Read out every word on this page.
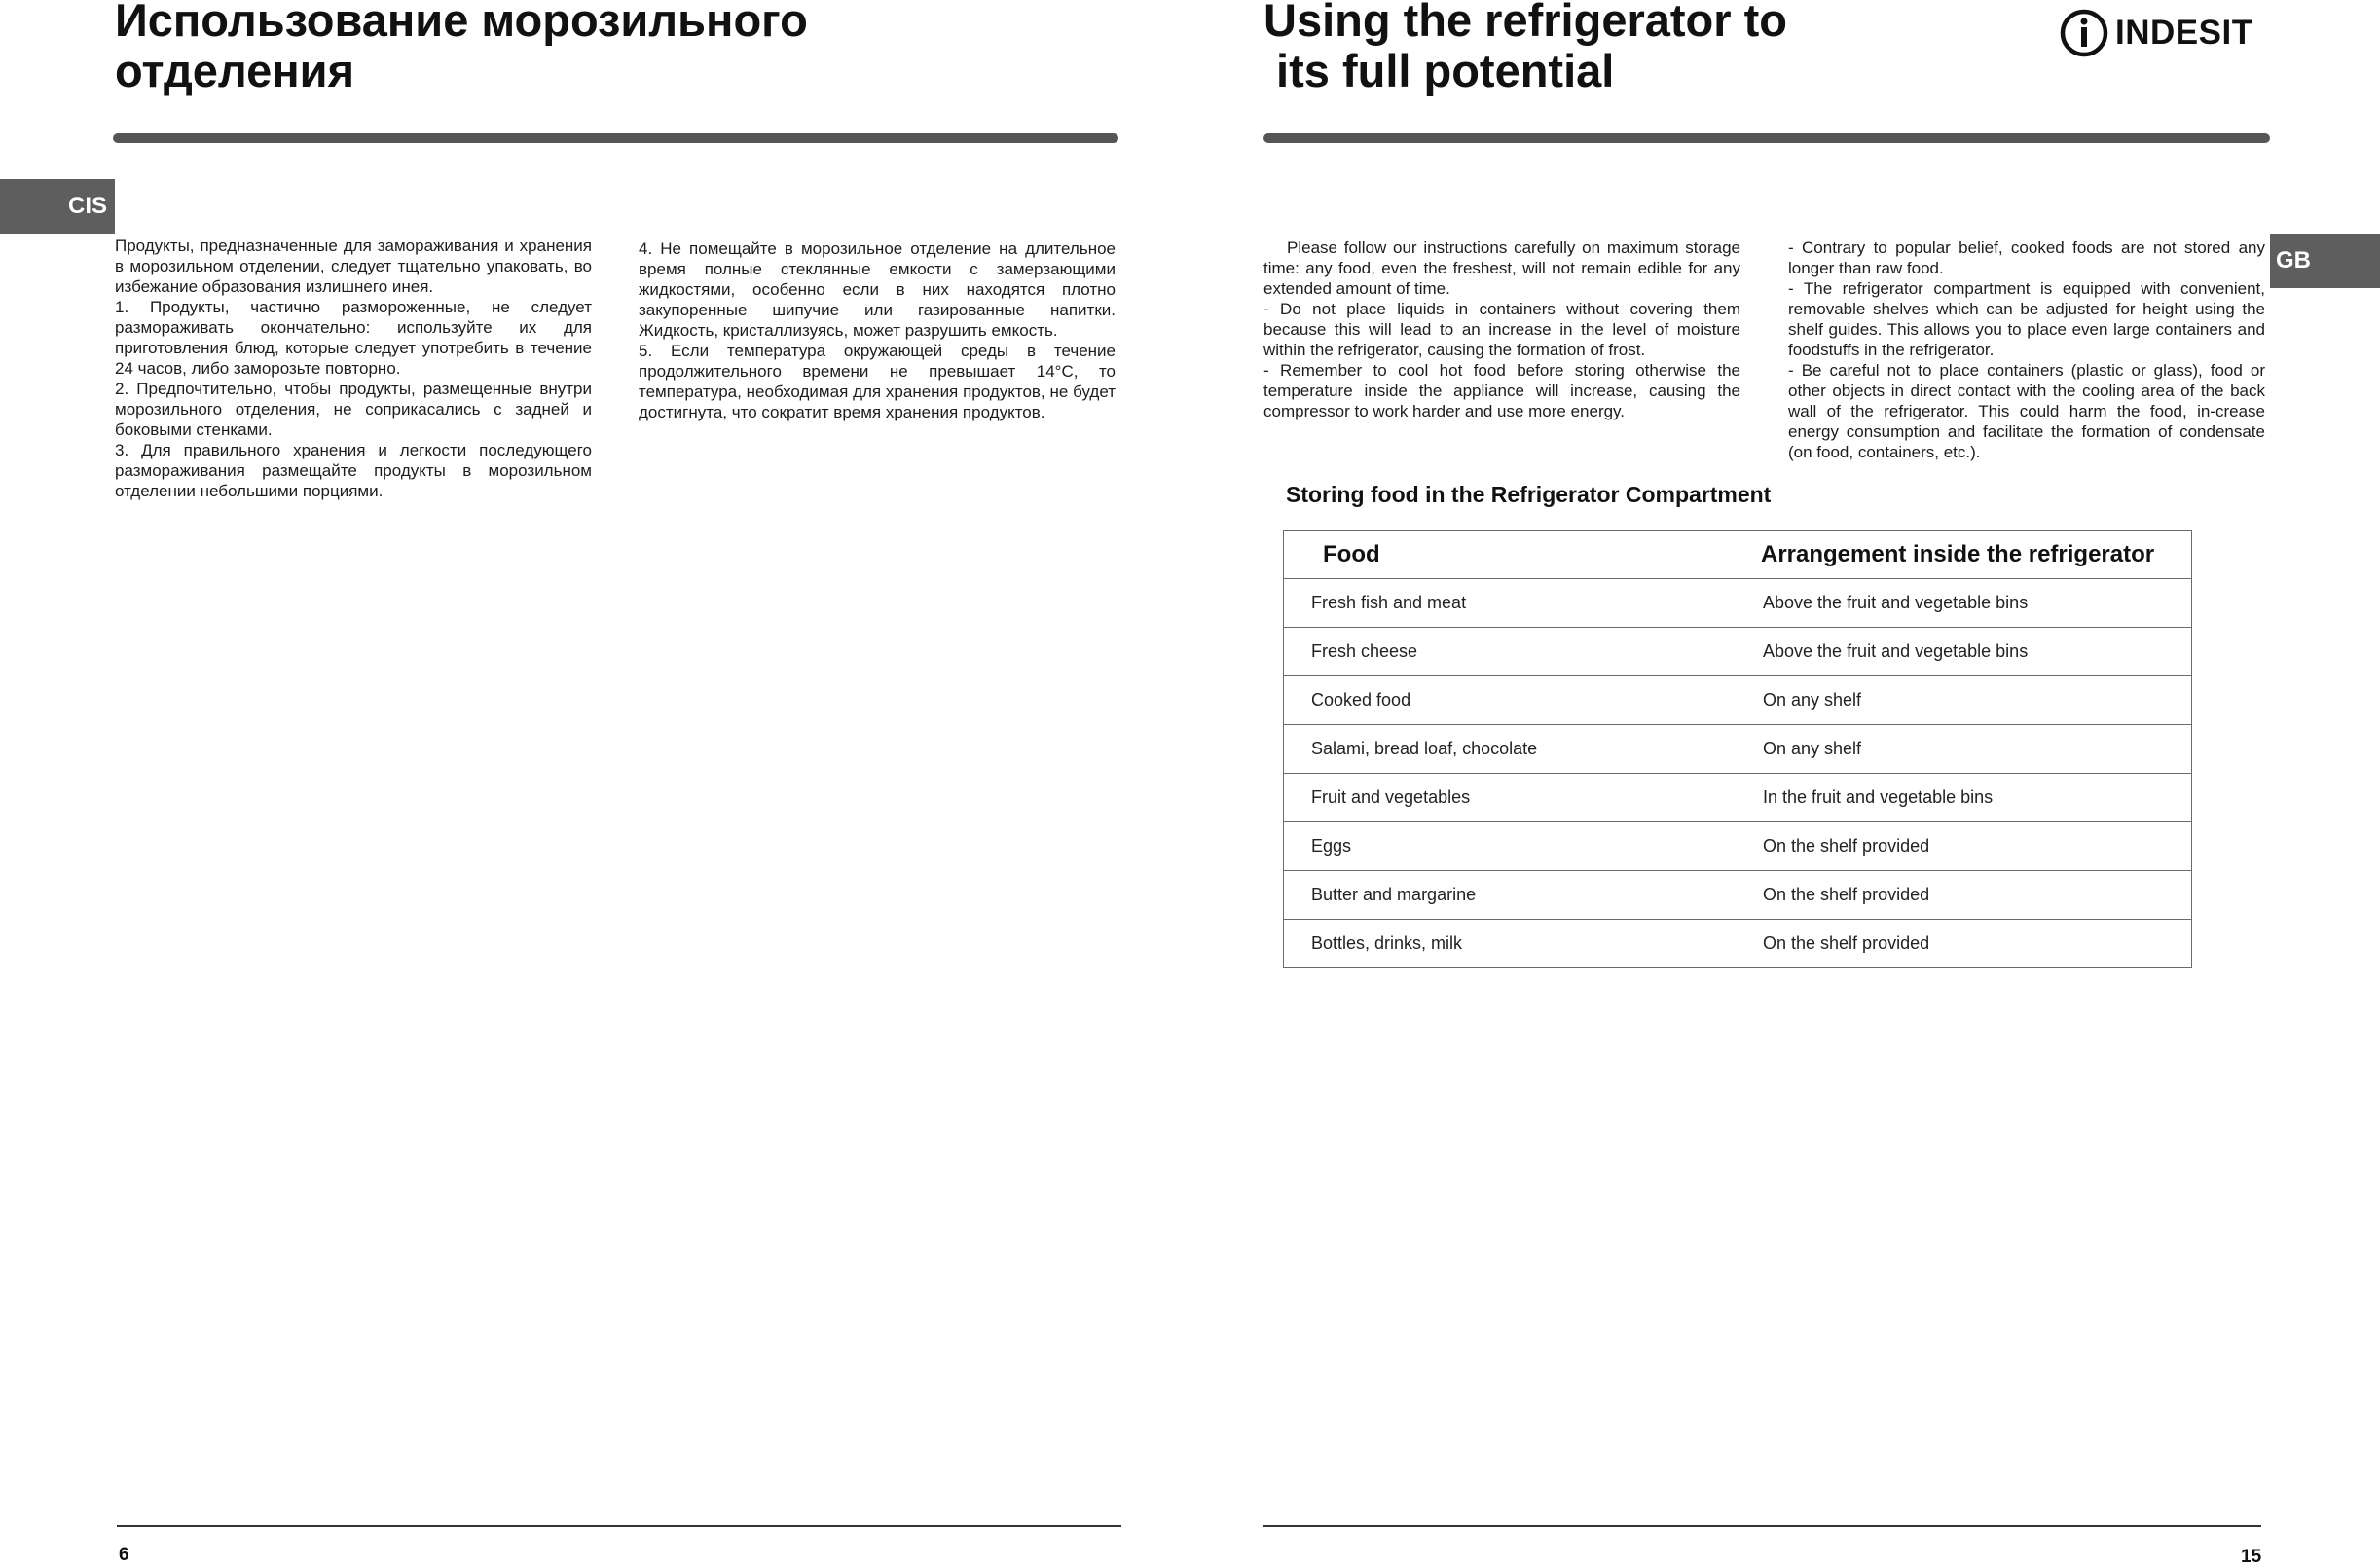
Использование морозильного
отделения
CIS

Продукты, предназначенные для замораживания и хранения в морозильном отделении, следует тщательно упаковать, во избежание образования излишнего инея.

1. Продукты, частично размороженные, не следует размораживать окончательно: используйте их для приготовления блюд, которые следует употребить в течение 24 часов, либо заморозьте повторно.

2. Предпочтительно, чтобы продукты, размещенные внутри морозильного отделения, не соприкасались с задней и боковыми стенками.

3. Для правильного хранения и легкости последующего размораживания размещайте продукты в морозильном отделении небольшими порциями.

4. Не помещайте в морозильное отделение на длительное время полные стеклянные емкости с замерзающими жидкостями, особенно если в них находятся плотно закупоренные шипучие или газированные напитки. Жидкость, кристаллизуясь, может разрушить емкость.

5. Если температура окружающей среды в течение продолжительного времени не превышает 14°C, то температура, необходимая для хранения продуктов, не будет достигнута, что сократит время хранения продуктов.

6
Using the refrigerator to
its full potential
INDESIT
GB

Please follow our instructions carefully on maximum storage time: any food, even the freshest, will not remain edible for any extended amount of time.

- Do not place liquids in containers without covering them because this will lead to an increase in the level of moisture within the refrigerator, causing the formation of frost.

- Remember to cool hot food before storing otherwise the temperature inside the appliance will increase, causing the compressor to work harder and use more energy.

- Contrary to popular belief, cooked foods are not stored any longer than raw food.

- The refrigerator compartment is equipped with convenient, removable shelves which can be adjusted for height using the shelf guides. This allows you to place even large containers and foodstuffs in the refrigerator.

- Be careful not to place containers (plastic or glass), food or other objects in direct contact with the cooling area of the back wall of the refrigerator. This could harm the food, in-crease energy consumption and facilitate the formation of condensate (on food, containers, etc.).

Storing food in the Refrigerator Compartment
Food	Arrangement inside the refrigerator
Fresh fish and meat	Above the fruit and vegetable bins
Fresh cheese	Above the fruit and vegetable bins
Cooked food	On any shelf
Salami, bread loaf, chocolate	On any shelf
Fruit and vegetables	In the fruit and vegetable bins
Eggs	On the shelf provided
Butter and margarine	On the shelf provided
Bottles, drinks, milk	On the shelf provided
15
